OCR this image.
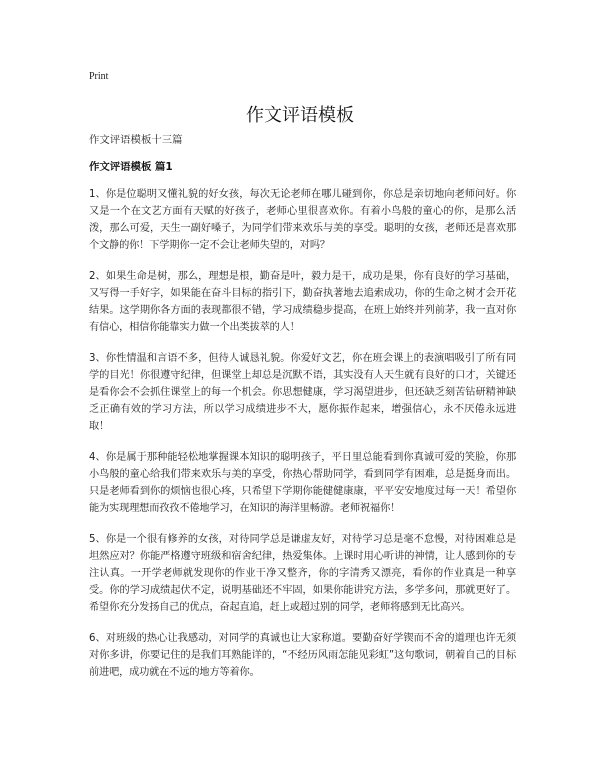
Print
作文评语模板

作文评语模板十三篇

作文评语模板 篇1

1、你是位聪明又懂礼貌的好女孩，每次无论老师在哪儿碰到你，你总是亲切地向老师问好。你又是一个在文艺方面有天赋的好孩子，老师心里很喜欢你。有着小鸟般的童心的你，是那么活泼，那么可爱，天生一副好嗓子，为同学们带来欢乐与美的享受。聪明的女孩，老师还是喜欢那个文静的你！下学期你一定不会让老师失望的，对吗？

2、如果生命是树，那么，理想是根，勤奋是叶，毅力是干，成功是果，你有良好的学习基础，又写得一手好字，如果能在奋斗目标的指引下，勤奋执著地去追索成功，你的生命之树才会开花结果。这学期你各方面的表现都很不错，学习成绩稳步提高，在班上始终并列前茅，我一直对你有信心，相信你能靠实力做一个出类拔萃的人！

3、你性情温和言语不多，但待人诚恳礼貌。你爱好文艺，你在班会课上的表演唱吸引了所有同学的目光！你很遵守纪律，但课堂上却总是沉默不语，其实没有人天生就有良好的口才，关键还是看你会不会抓住课堂上的每一个机会。你思想健康，学习渴望进步，但还缺乏刻苦钻研精神缺乏正确有效的学习方法，所以学习成绩进步不大，愿你振作起来，增强信心，永不厌倦永远进取！

4、你是属于那种能轻松地掌握课本知识的聪明孩子，平日里总能看到你真诚可爱的笑脸，你那小鸟般的童心给我们带来欢乐与美的享受，你热心帮助同学，看到同学有困难，总是挺身而出。只是老师看到你的烦恼也很心疼，只希望下学期你能健健康康，平平安安地度过每一天！希望你能为实现理想而孜孜不倦地学习，在知识的海洋里畅游。老师祝福你！

5、你是一个很有修养的女孩，对待同学总是谦虚友好，对待学习总是毫不怠慢，对待困难总是坦然应对？你能严格遵守班级和宿舍纪律，热爱集体。上课时用心听讲的神情，让人感到你的专注认真。一开学老师就发现你的作业干净又整齐，你的字清秀又漂亮，看你的作业真是一种享受。你的学习成绩起伏不定，说明基础还不牢固，如果你能讲究方法，多学多问，那就更好了。希望你充分发扬自己的优点，奋起直追，赶上或超过别的同学，老师将感到无比高兴。

6、对班级的热心让我感动，对同学的真诚也让大家称道。要勤奋好学锲而不舍的道理也许无须对你多讲，你要记住的是我们耳熟能详的，“不经历风雨怎能见彩虹”这句歌词，朝着自己的目标前进吧，成功就在不远的地方等着你。
